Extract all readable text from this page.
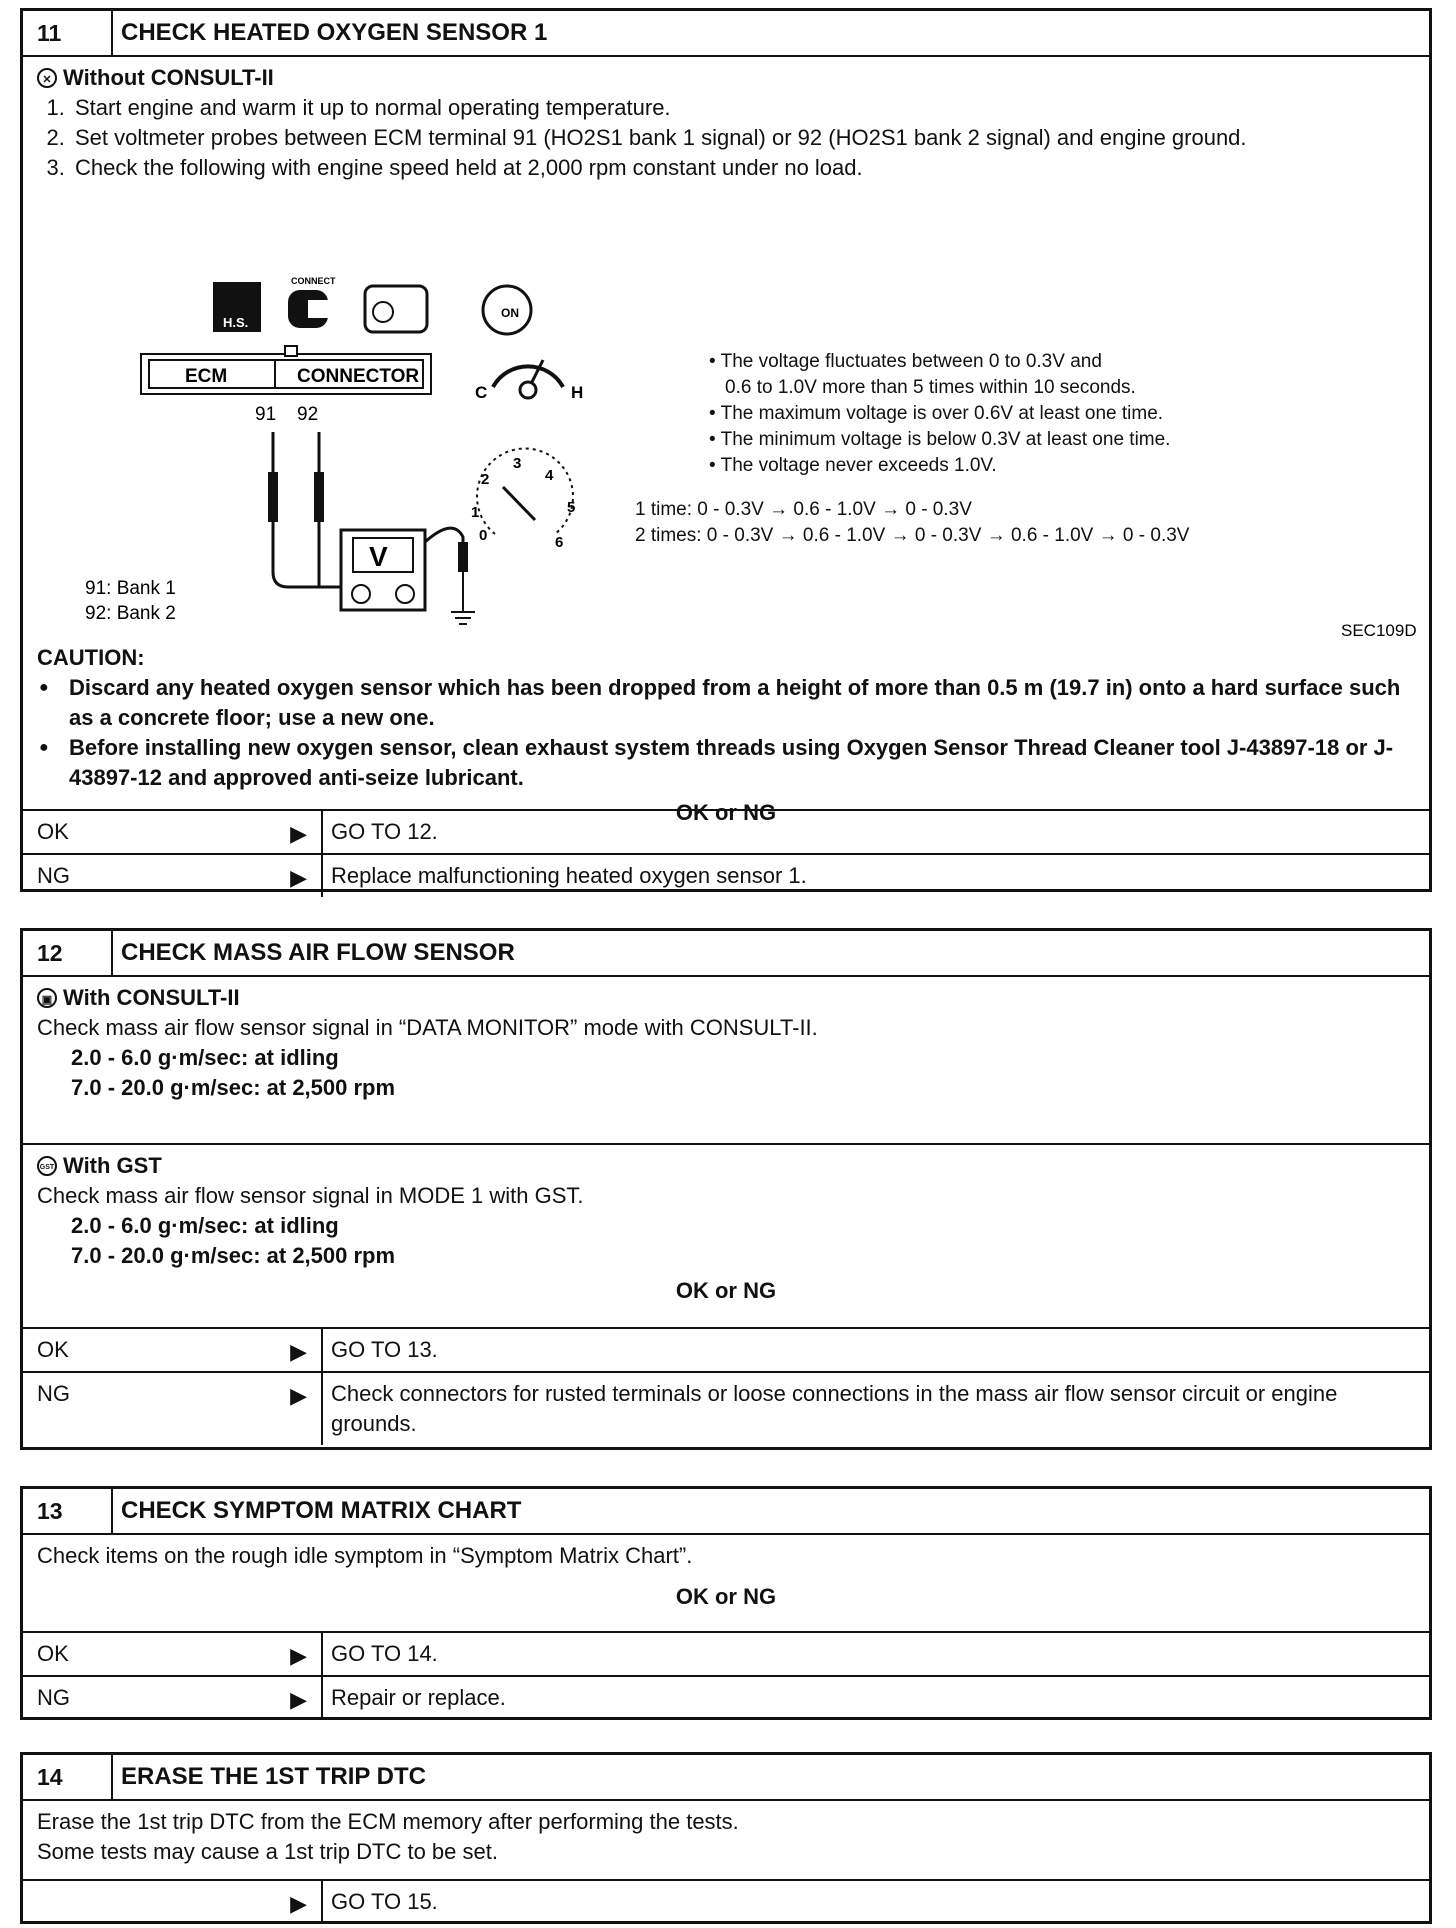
11	CHECK HEATED OXYGEN SENSOR 1
✕ Without CONSULT-II
1. Start engine and warm it up to normal operating temperature.
2. Set voltmeter probes between ECM terminal 91 (HO2S1 bank 1 signal) or 92 (HO2S1 bank 2 signal) and engine ground.
3. Check the following with engine speed held at 2,000 rpm constant under no load.
H.S.
CONNECT
ON
ECM	CONNECTOR
91 92
V
91: Bank 1
92: Bank 2
C	H
0
1
2
3
4
5
6
SEC109D
• The voltage fluctuates between 0 to 0.3V and
0.6 to 1.0V more than 5 times within 10 seconds.
• The maximum voltage is over 0.6V at least one time.
• The minimum voltage is below 0.3V at least one time.
• The voltage never exceeds 1.0V.
1 time: 0 - 0.3V → 0.6 - 1.0V → 0 - 0.3V
2 times: 0 - 0.3V → 0.6 - 1.0V → 0 - 0.3V → 0.6 - 1.0V → 0 - 0.3V
CAUTION:
● Discard any heated oxygen sensor which has been dropped from a height of more than 0.5 m (19.7 in) onto a hard surface such as a concrete floor; use a new one.
● Before installing new oxygen sensor, clean exhaust system threads using Oxygen Sensor Thread Cleaner tool J-43897-18 or J-43897-12 and approved anti-seize lubricant.
OK or NG
OK	▶	GO TO 12.
NG	▶	Replace malfunctioning heated oxygen sensor 1.
12	CHECK MASS AIR FLOW SENSOR
▣ With CONSULT-II
Check mass air flow sensor signal in “DATA MONITOR” mode with CONSULT-II.
2.0 - 6.0 g·m/sec: at idling
7.0 - 20.0 g·m/sec: at 2,500 rpm
GST With GST
Check mass air flow sensor signal in MODE 1 with GST.
2.0 - 6.0 g·m/sec: at idling
7.0 - 20.0 g·m/sec: at 2,500 rpm
OK or NG
OK	▶	GO TO 13.
NG	▶	Check connectors for rusted terminals or loose connections in the mass air flow sensor circuit or engine grounds.
13	CHECK SYMPTOM MATRIX CHART
Check items on the rough idle symptom in “Symptom Matrix Chart”.
OK or NG
OK	▶	GO TO 14.
NG	▶	Repair or replace.
14	ERASE THE 1ST TRIP DTC
Erase the 1st trip DTC from the ECM memory after performing the tests.
Some tests may cause a 1st trip DTC to be set.

▶	GO TO 15.
